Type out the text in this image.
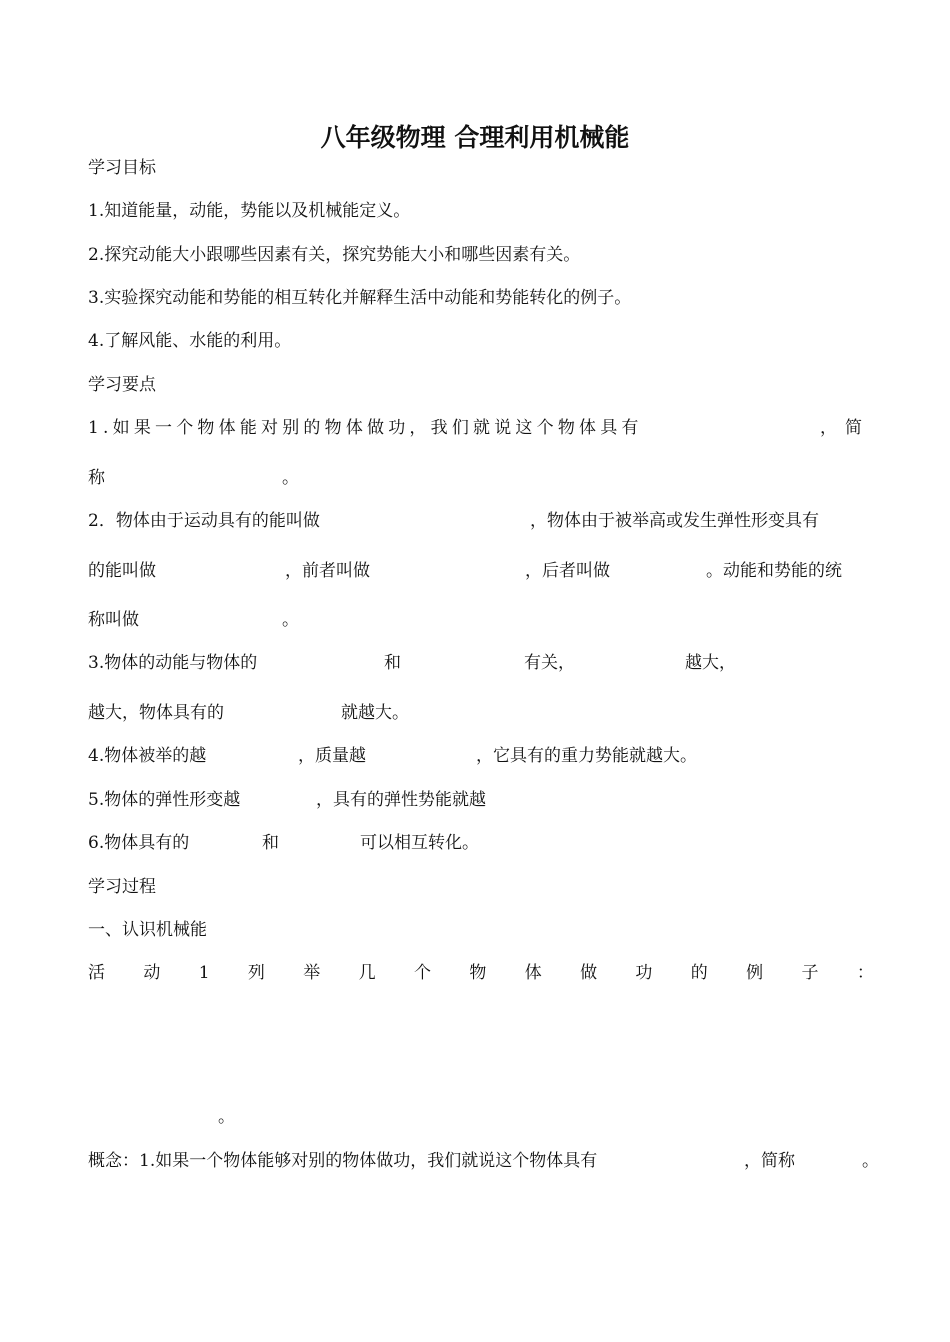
八年级物理 合理利用机械能
学习目标
1.知道能量，动能，势能以及机械能定义。
2.探究动能大小跟哪些因素有关，探究势能大小和哪些因素有关。
3.实验探究动能和势能的相互转化并解释生活中动能和势能转化的例子。
4.了解风能、水能的利用。
学习要点
1.如果一个物体能对别的物体做功，我们就说这个物体具有	，简
称	。
2．物体由于运动具有的能叫做	，物体由于被举高或发生弹性形变具有
的能叫做	，前者叫做	，后者叫做	。动能和势能的统
称叫做	。
3.物体的动能与物体的	和	有关，	越大，
越大，物体具有的	就越大。
4.物体被举的越	，质量越	，它具有的重力势能就越大。
5.物体的弹性形变越	，具有的弹性势能就越
6.物体具有的	和	可以相互转化。
学习过程
一、认识机械能
活 动 1 列 举 几 个 物 体 做 功 的 例 子 ：
。
概念：1.如果一个物体能够对别的物体做功，我们就说这个物体具有	，简称	。
